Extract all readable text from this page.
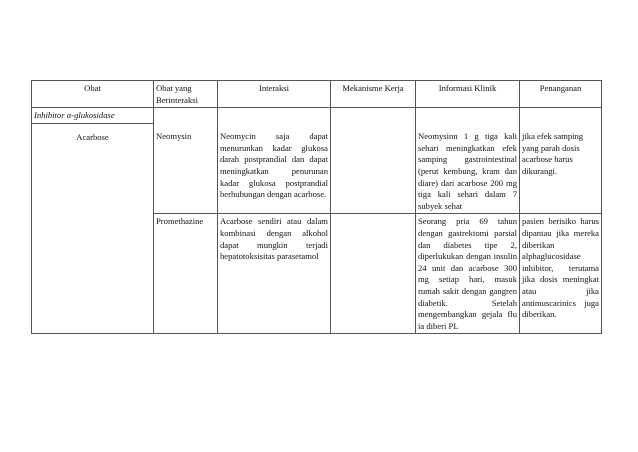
Obat	Obat yang Berinteraksi	Interaksi	Mekanisme Kerja	Informasi Klinik	Penanganan

Inhibitor α-glukosidase					

Acarbose	Neomysin	Neomycin saja dapat menurunkan kadar glukosa darah postprandial dan dapat meningkatkan penurunan kadar glukosa postprandial berhubungan dengan acarbose.		Neomysinn 1 g tiga kali sehari meningkatkan efek samping gastrointestinal (perut kembung, kram dan diare) dari acarbose 200 mg tiga kali sehari dalam 7 subyek sehat	jika efek samping yang parah dosis acarbose harus dikurangi.
	Promethazine	Acarbose sendiri atau dalam kombinasi dengan alkohol dapat mungkin terjadi hepatotoksisitas parasetamol		Seorang pria 69 tahun dengan gastrektomi parsial dan diabetes tipe 2, diperlukukan dengan insulin 24 unit dan acarbose 300 mg setiap hari, masuk rumah sakit dengan gangren diabetik. Setelah mengembangkan gejala flu ia diberi PL	pasien berisiko harus dipantau jika mereka diberikan alphaglucosidase inhibitor, terutama jika dosis meningkat atau jika antimuscarinics juga diberikan.
